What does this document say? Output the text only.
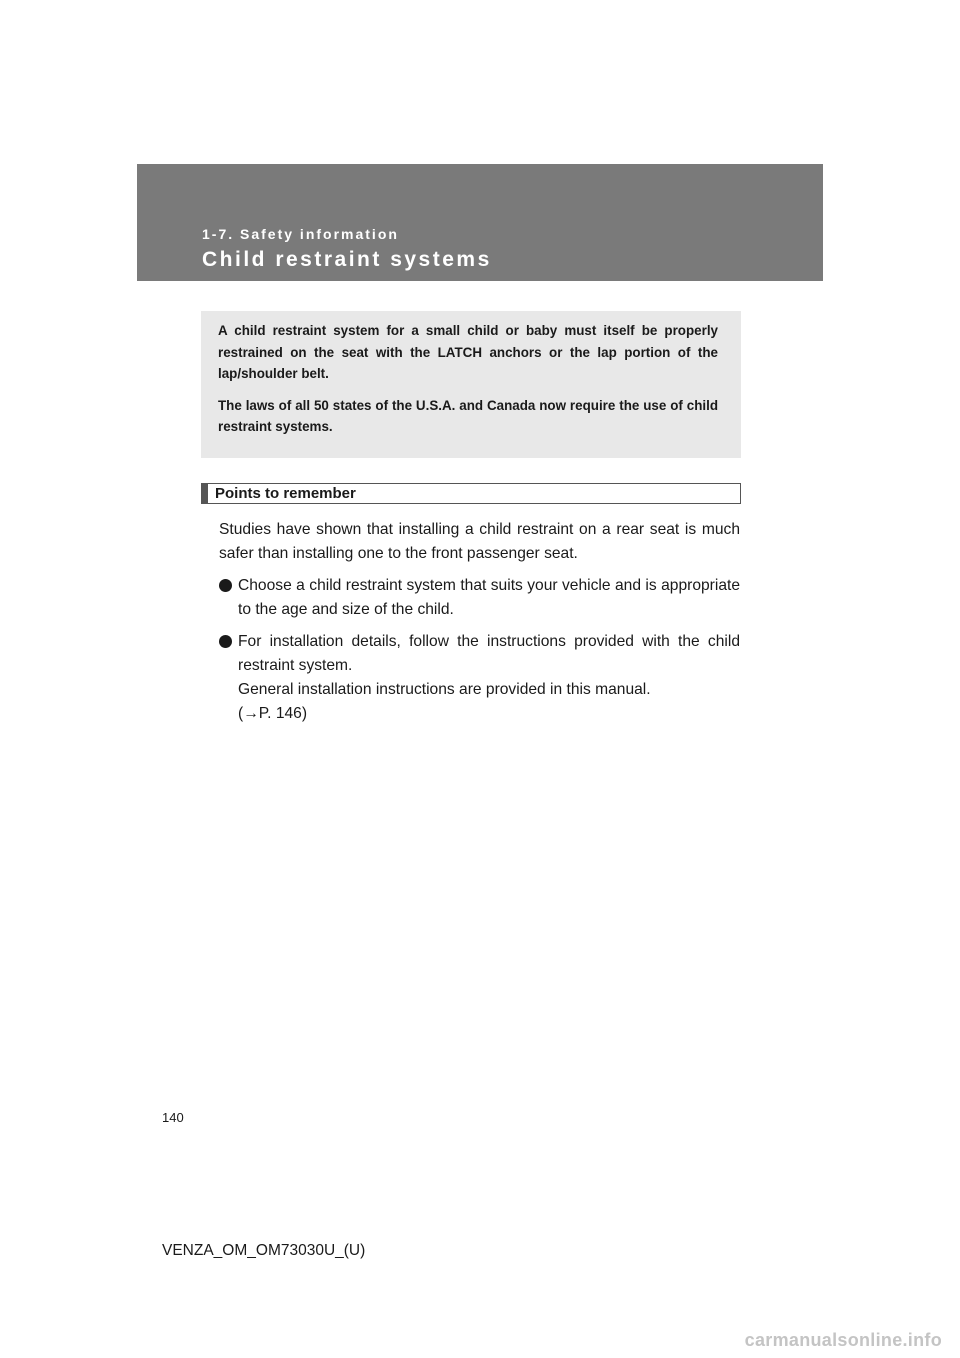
1-7. Safety information
Child restraint systems

A child restraint system for a small child or baby must itself be properly restrained on the seat with the LATCH anchors or the lap portion of the lap/shoulder belt.

The laws of all 50 states of the U.S.A. and Canada now require the use of child restraint systems.

Points to remember

Studies have shown that installing a child restraint on a rear seat is much safer than installing one to the front passenger seat.

Choose a child restraint system that suits your vehicle and is appropriate to the age and size of the child.
For installation details, follow the instructions provided with the child restraint system.
General installation instructions are provided in this manual.
(→P. 146)
140
VENZA_OM_OM73030U_(U)
carmanualsonline.info
